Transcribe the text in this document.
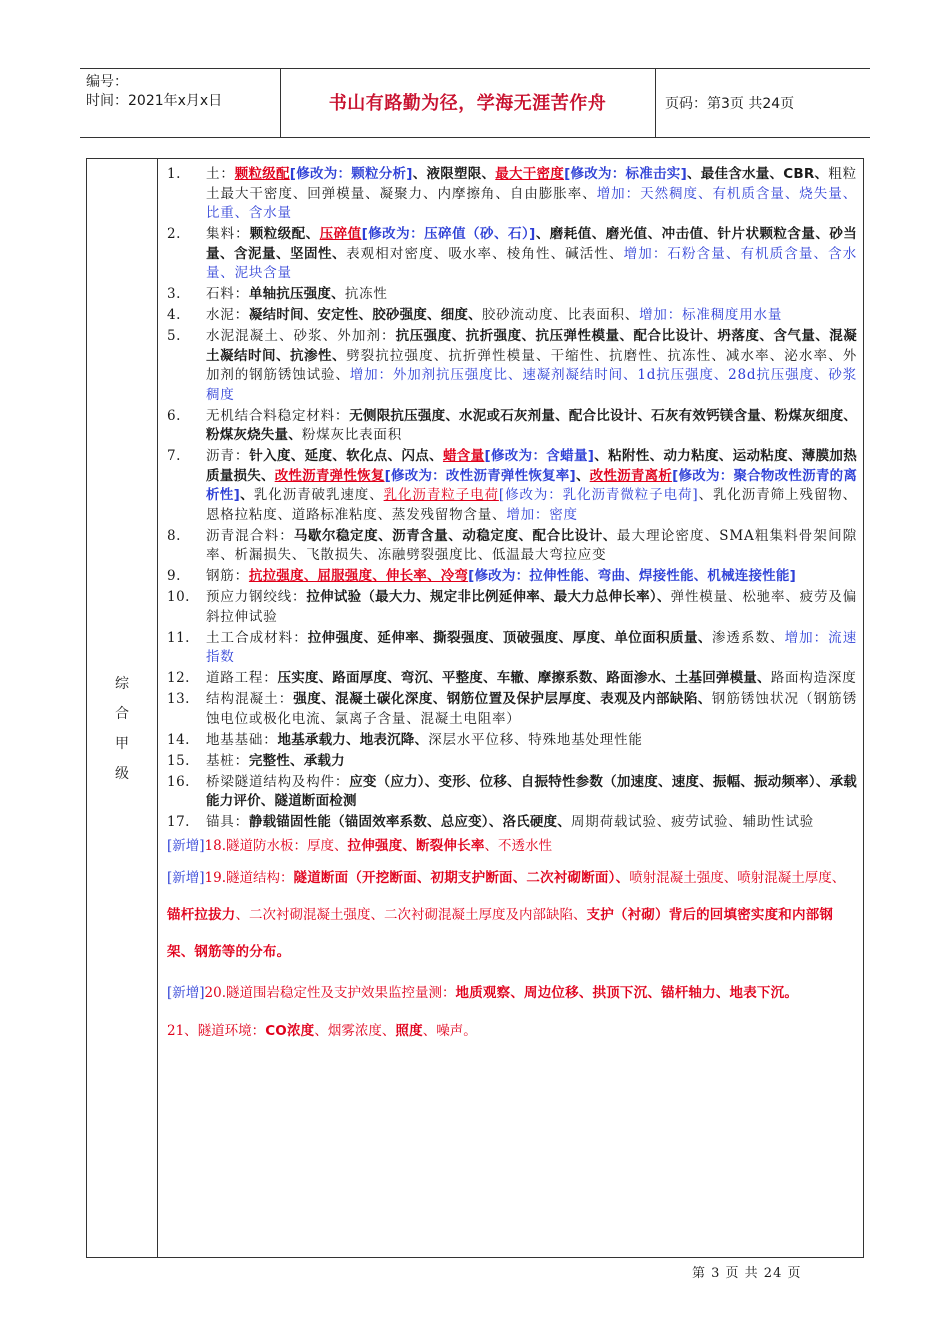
编号：
时间：2021年x月x日	书山有路勤为径，学海无涯苦作舟	页码：第3页 共24页
综
合
甲
级
1.	土：颗粒级配[修改为：颗粒分析]、液限塑限、最大干密度[修改为：标准击实]、最佳含水量、CBR、粗粒土最大干密度、回弹模量、凝聚力、内摩擦角、自由膨胀率、增加：天然稠度、有机质含量、烧失量、比重、含水量
2.	集料：颗粒级配、压碎值[修改为：压碎值（砂、石）]、磨耗值、磨光值、冲击值、针片状颗粒含量、砂当量、含泥量、坚固性、表观相对密度、吸水率、棱角性、碱活性、增加：石粉含量、有机质含量、含水量、泥块含量
3.	石料：单轴抗压强度、抗冻性
4.	水泥：凝结时间、安定性、胶砂强度、细度、胶砂流动度、比表面积、增加：标准稠度用水量
5.	水泥混凝土、砂浆、外加剂：抗压强度、抗折强度、抗压弹性模量、配合比设计、坍落度、含气量、混凝土凝结时间、抗渗性、劈裂抗拉强度、抗折弹性模量、干缩性、抗磨性、抗冻性、减水率、泌水率、外加剂的钢筋锈蚀试验、增加：外加剂抗压强度比、速凝剂凝结时间、1d抗压强度、28d抗压强度、砂浆稠度
6.	无机结合料稳定材料：无侧限抗压强度、水泥或石灰剂量、配合比设计、石灰有效钙镁含量、粉煤灰细度、粉煤灰烧失量、粉煤灰比表面积
7.	沥青：针入度、延度、软化点、闪点、蜡含量[修改为：含蜡量]、粘附性、动力粘度、运动粘度、薄膜加热质量损失、改性沥青弹性恢复[修改为：改性沥青弹性恢复率]、改性沥青离析[修改为：聚合物改性沥青的离析性]、乳化沥青破乳速度、乳化沥青粒子电荷[修改为：乳化沥青微粒子电荷]、乳化沥青筛上残留物、恩格拉粘度、道路标准粘度、蒸发残留物含量、增加：密度
8.	沥青混合料：马歇尔稳定度、沥青含量、动稳定度、配合比设计、最大理论密度、SMA粗集料骨架间隙率、析漏损失、飞散损失、冻融劈裂强度比、低温最大弯拉应变
9.	钢筋：抗拉强度、屈服强度、伸长率、冷弯[修改为：拉伸性能、弯曲、焊接性能、机械连接性能]
10.	预应力钢绞线：拉伸试验（最大力、规定非比例延伸率、最大力总伸长率）、弹性模量、松驰率、疲劳及偏斜拉伸试验
11.	土工合成材料：拉伸强度、延伸率、撕裂强度、顶破强度、厚度、单位面积质量、渗透系数、增加：流速指数
12.	道路工程：压实度、路面厚度、弯沉、平整度、车辙、摩擦系数、路面渗水、土基回弹模量、路面构造深度
13.	结构混凝土：强度、混凝土碳化深度、钢筋位置及保护层厚度、表观及内部缺陷、钢筋锈蚀状况（钢筋锈蚀电位或极化电流、氯离子含量、混凝土电阻率）
14.	地基基础：地基承载力、地表沉降、深层水平位移、特殊地基处理性能
15.	基桩：完整性、承载力
16.	桥梁隧道结构及构件：应变（应力）、变形、位移、自振特性参数（加速度、速度、振幅、振动频率）、承载能力评价、隧道断面检测
17.	锚具：静载锚固性能（锚固效率系数、总应变）、洛氏硬度、周期荷载试验、疲劳试验、辅助性试验
[新增]18.隧道防水板：厚度、拉伸强度、断裂伸长率、不透水性
[新增]19.隧道结构：隧道断面（开挖断面、初期支护断面、二次衬砌断面）、喷射混凝土强度、喷射混凝土厚度、锚杆拉拔力、二次衬砌混凝土强度、二次衬砌混凝土厚度及内部缺陷、支护（衬砌）背后的回填密实度和内部钢架、钢筋等的分布。
[新增]20.隧道围岩稳定性及支护效果监控量测：地质观察、周边位移、拱顶下沉、锚杆轴力、地表下沉。
21、隧道环境：CO浓度、烟雾浓度、照度、噪声。
第 3 页 共 24 页
